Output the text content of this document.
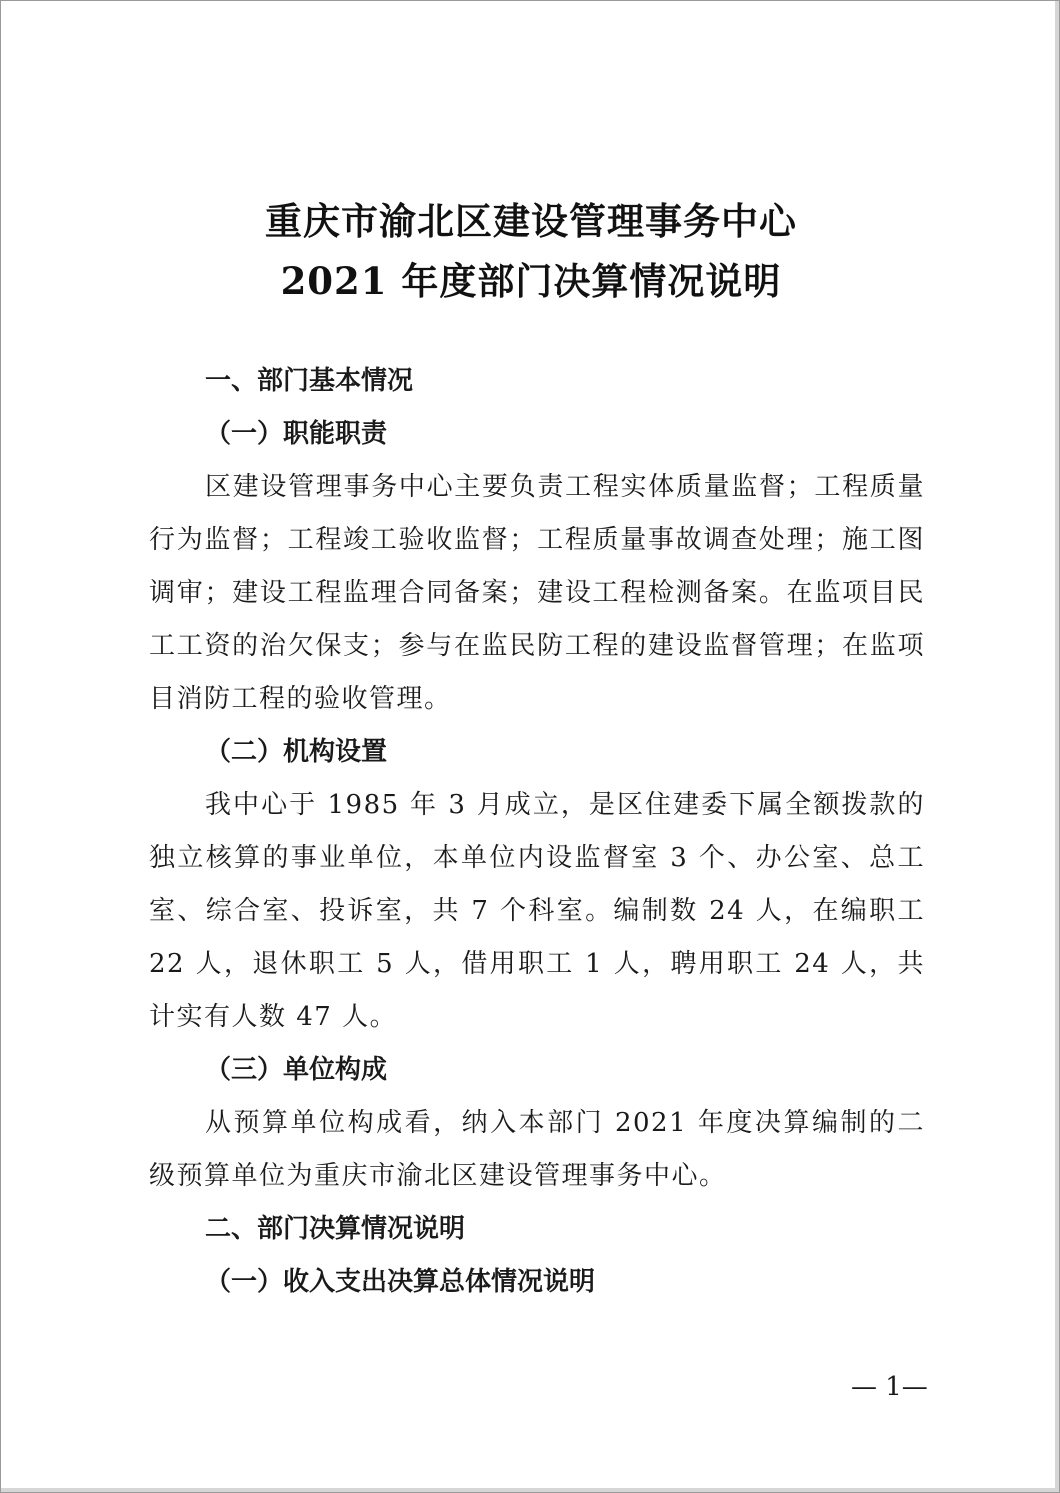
重庆市渝北区建设管理事务中心
2021 年度部门决算情况说明
一、部门基本情况
（一）职能职责

区建设管理事务中心主要负责工程实体质量监督；工程质量行为监督；工程竣工验收监督；工程质量事故调查处理；施工图调审；建设工程监理合同备案；建设工程检测备案。在监项目民工工资的治欠保支；参与在监民防工程的建设监督管理；在监项目消防工程的验收管理。

（二）机构设置

我中心于 1985 年 3 月成立，是区住建委下属全额拨款的独立核算的事业单位，本单位内设监督室 3 个、办公室、总工室、综合室、投诉室，共 7 个科室。编制数 24 人，在编职工 22 人，退休职工 5 人，借用职工 1 人，聘用职工 24 人，共计实有人数 47 人。

（三）单位构成

从预算单位构成看，纳入本部门 2021 年度决算编制的二级预算单位为重庆市渝北区建设管理事务中心。

二、部门决算情况说明
（一）收入支出决算总体情况说明
— 1—
